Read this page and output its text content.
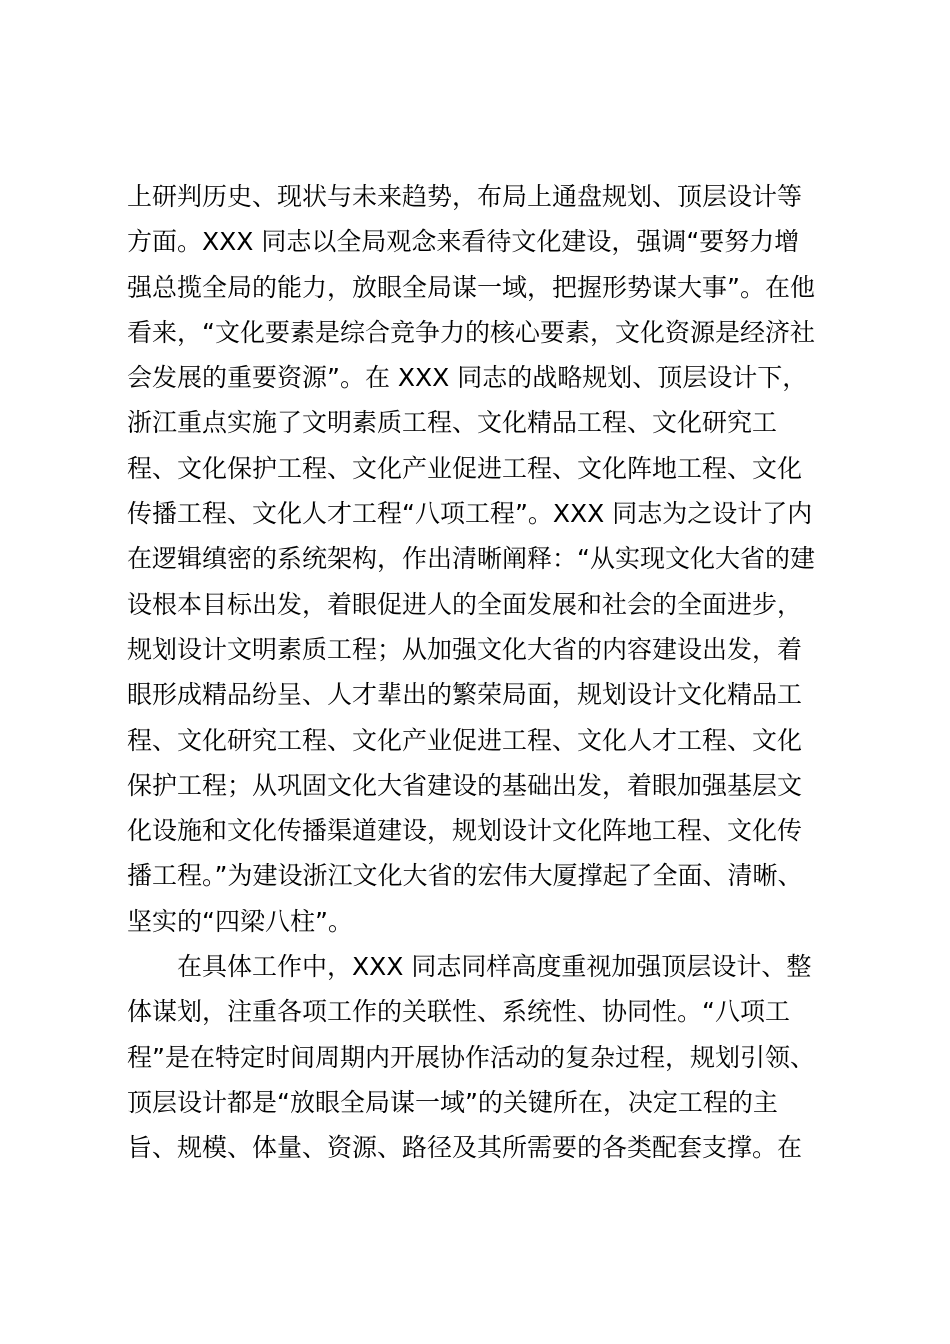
上研判历史、现状与未来趋势，布局上通盘规划、顶层设计等
方面。XXX 同志以全局观念来看待文化建设，强调“要努力增
强总揽全局的能力，放眼全局谋一域，把握形势谋大事”。在他
看来，“文化要素是综合竞争力的核心要素，文化资源是经济社
会发展的重要资源”。在 XXX 同志的战略规划、顶层设计下，
浙江重点实施了文明素质工程、文化精品工程、文化研究工
程、文化保护工程、文化产业促进工程、文化阵地工程、文化
传播工程、文化人才工程“八项工程”。XXX 同志为之设计了内
在逻辑缜密的系统架构，作出清晰阐释：“从实现文化大省的建
设根本目标出发，着眼促进人的全面发展和社会的全面进步，
规划设计文明素质工程；从加强文化大省的内容建设出发，着
眼形成精品纷呈、人才辈出的繁荣局面，规划设计文化精品工
程、文化研究工程、文化产业促进工程、文化人才工程、文化
保护工程；从巩固文化大省建设的基础出发，着眼加强基层文
化设施和文化传播渠道建设，规划设计文化阵地工程、文化传
播工程。”为建设浙江文化大省的宏伟大厦撑起了全面、清晰、
坚实的“四梁八柱”。
在具体工作中，XXX 同志同样高度重视加强顶层设计、整
体谋划，注重各项工作的关联性、系统性、协同性。“八项工
程”是在特定时间周期内开展协作活动的复杂过程，规划引领、
顶层设计都是“放眼全局谋一域”的关键所在，决定工程的主
旨、规模、体量、资源、路径及其所需要的各类配套支撑。在
